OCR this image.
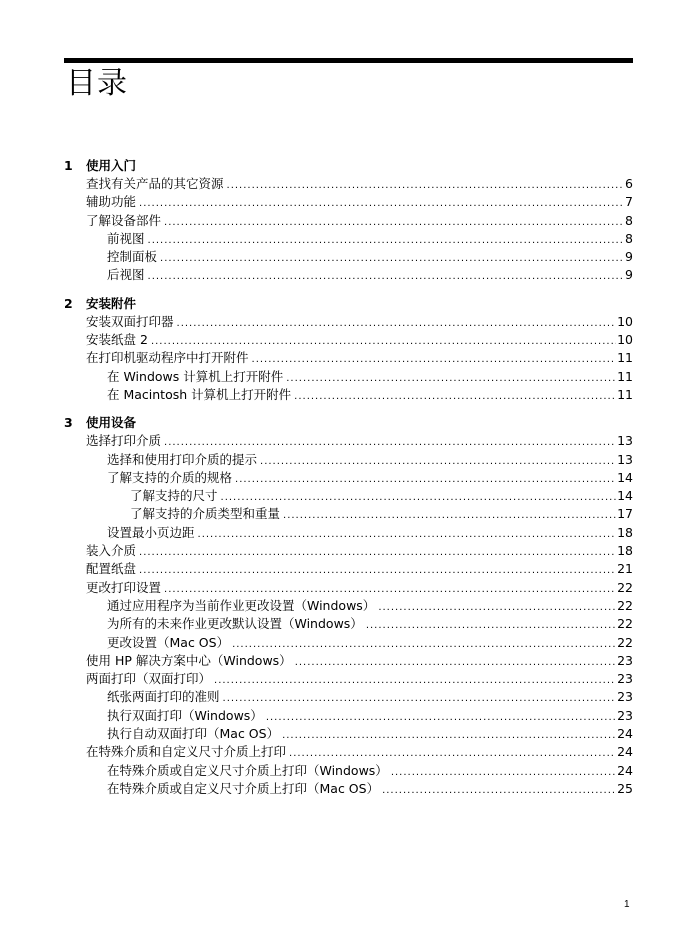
目录
1 使用入门
查找有关产品的其它资源 .....	6
辅助功能 .....	7
了解设备部件 .....	8
前视图 .....	8
控制面板 .....	9
后视图 .....	9
2 安装附件
安装双面打印器 .....	10
安装纸盘 2 .....	10
在打印机驱动程序中打开附件 .....	11
在 Windows 计算机上打开附件 .....	11
在 Macintosh 计算机上打开附件 .....	11
3 使用设备
选择打印介质 .....	13
选择和使用打印介质的提示 .....	13
了解支持的介质的规格 .....	14
了解支持的尺寸 .....	14
了解支持的介质类型和重量 .....	17
设置最小页边距 .....	18
装入介质 .....	18
配置纸盘 .....	21
更改打印设置 .....	22
通过应用程序为当前作业更改设置（Windows） .....	22
为所有的未来作业更改默认设置（Windows） .....	22
更改设置（Mac OS） .....	22
使用 HP 解决方案中心（Windows） .....	23
两面打印（双面打印） .....	23
纸张两面打印的准则 .....	23
执行双面打印（Windows） .....	23
执行自动双面打印（Mac OS） .....	24
在特殊介质和自定义尺寸介质上打印 .....	24
在特殊介质或自定义尺寸介质上打印（Windows） .....	24
在特殊介质或自定义尺寸介质上打印（Mac OS） .....	25
1
